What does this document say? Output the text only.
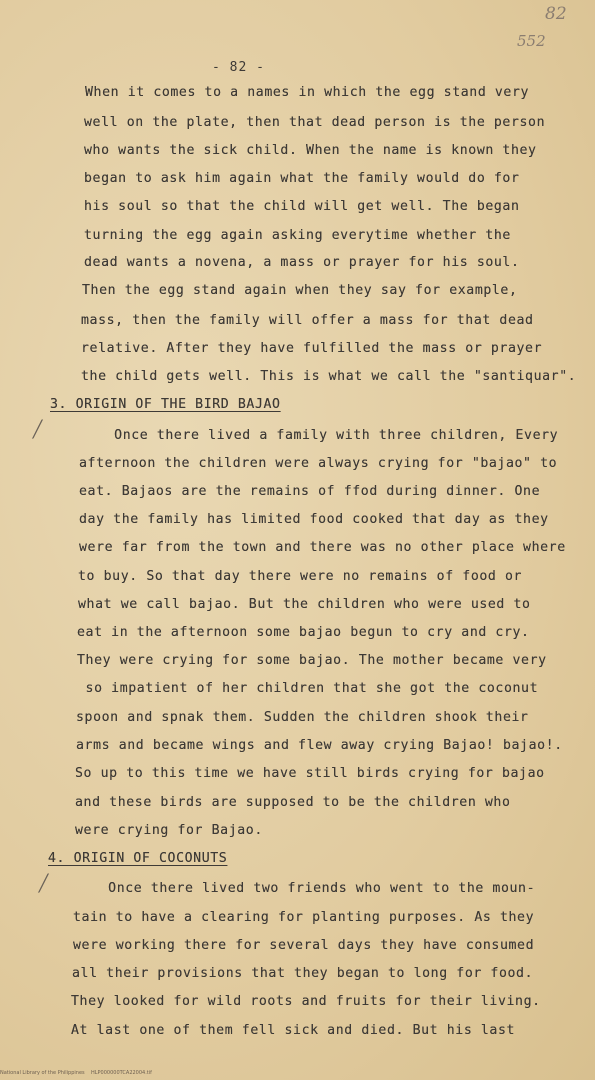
82
552
- 82 -
⁄
⁄
When it comes to a names in which the egg stand very
well on the plate, then that dead person is the person
who wants the sick child. When the name is known they
began to ask him again what the family would do for
his soul so that the child will get well. The began
turning the egg again asking everytime whether the
dead wants a novena, a mass or prayer for his soul.
Then the egg stand again when they say for example,
mass, then the family will offer a mass for that dead
relative. After they have fulfilled the mass or prayer
the child gets well. This is what we call the "santiquar".
3. ORIGIN OF THE BIRD BAJAO
Once there lived a family with three children, Every
afternoon the children were always crying for "bajao" to
eat. Bajaos are the remains of ffod during dinner. One
day the family has limited food cooked that day as they
were far from the town and there was no other place where
to buy. So that day there were no remains of food or
what we call bajao. But the children who were used to
eat in the afternoon some bajao begun to cry and cry.
They were crying for some bajao. The mother became very
so impatient of her children that she got the coconut
spoon and spnak them. Sudden the children shook their
arms and became wings and flew away crying Bajao! bajao!.
So up to this time we have still birds crying for bajao
and these birds are supposed to be the children who
were crying for Bajao.
4. ORIGIN OF COCONUTS
Once there lived two friends who went to the moun-
tain to have a clearing for planting purposes. As they
were working there for several days they have consumed
all their provisions that they began to long for food.
They looked for wild roots and fruits for their living.
At last one of them fell sick and died. But his last
National Library of the Philippines    HLP000000TCA22004.tif
